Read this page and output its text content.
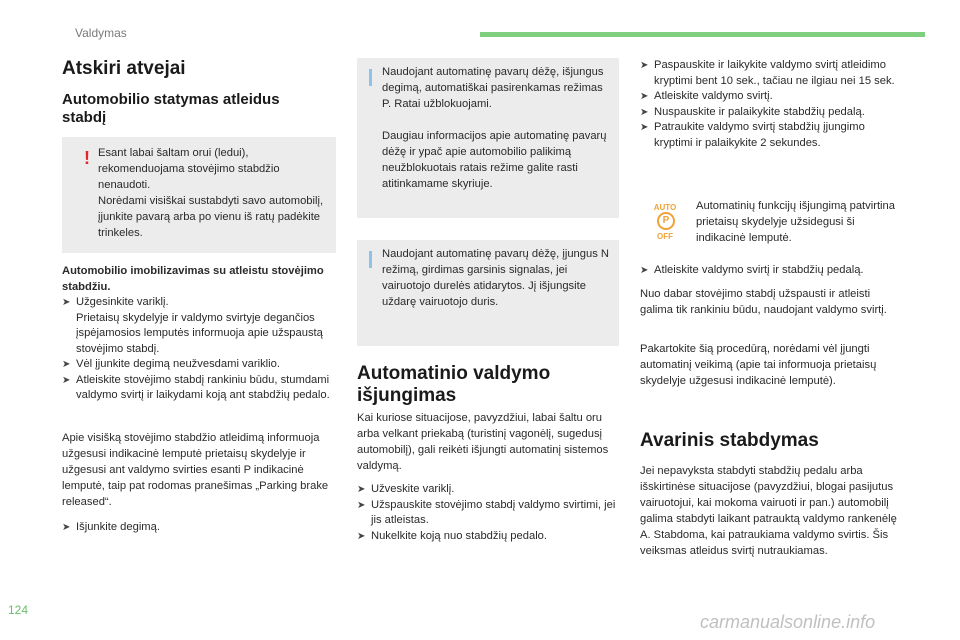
Valdymas
Atskiri atvejai
Automobilio statymas atleidus stabdį
! Esant labai šaltam orui (ledui), rekomenduojama stovėjimo stabdžio nenaudoti.

Norėdami visiškai sustabdyti savo automobilį, įjunkite pavarą arba po vienu iš ratų padėkite trinkeles.

Automobilio imobilizavimas su atleistu stovėjimo stabdžiu.

➤ Užgesinkite variklį.
Prietaisų skydelyje ir valdymo svirtyje degančios įspėjamosios lemputės informuoja apie užspaustą stovėjimo stabdį.
➤ Vėl įjunkite degimą neužvesdami variklio.
➤ Atleiskite stovėjimo stabdį rankiniu būdu, stumdami valdymo svirtį ir laikydami koją ant stabdžių pedalo.

Apie visišką stovėjimo stabdžio atleidimą informuoja užgesusi indikacinė lemputė prietaisų skydelyje ir užgesusi ant valdymo svirties esanti P indikacinė lemputė, taip pat rodomas pranešimas „Parking brake released“.

➤ Išjunkite degimą.

Naudojant automatinę pavarų dėžę, išjungus degimą, automatiškai pasirenkamas režimas P. Ratai užblokuojami.

Daugiau informacijos apie automatinę pavarų dėžę ir ypač apie automobilio palikimą neužblokuotais ratais režime galite rasti atitinkamame skyriuje.

Naudojant automatinę pavarų dėžę, įjungus N režimą, girdimas garsinis signalas, jei vairuotojo durelės atidarytos. Jį išjungsite uždarę vairuotojo duris.

Automatinio valdymo išjungimas

Kai kuriose situacijose, pavyzdžiui, labai šaltu oru arba velkant priekabą (turistinį vagonėlį, sugedusį automobilį), gali reikėti išjungti automatinį sistemos valdymą.

➤ Užveskite variklį.
➤ Užspauskite stovėjimo stabdį valdymo svirtimi, jei jis atleistas.
➤ Nukelkite koją nuo stabdžių pedalo.
➤ Paspauskite ir laikykite valdymo svirtį atleidimo kryptimi bent 10 sek., tačiau ne ilgiau nei 15 sek.
➤ Atleiskite valdymo svirtį.
➤ Nuspauskite ir palaikykite stabdžių pedalą.
➤ Patraukite valdymo svirtį stabdžių įjungimo kryptimi ir palaikykite 2 sekundes.
AUTO
P
OFF

Automatinių funkcijų išjungimą patvirtina prietaisų skydelyje užsidegusi ši indikacinė lemputė.

➤ Atleiskite valdymo svirtį ir stabdžių pedalą.

Nuo dabar stovėjimo stabdį užspausti ir atleisti galima tik rankiniu būdu, naudojant valdymo svirtį.

Pakartokite šią procedūrą, norėdami vėl įjungti automatinį veikimą (apie tai informuoja prietaisų skydelyje užgesusi indikacinė lemputė).

Avarinis stabdymas

Jei nepavyksta stabdyti stabdžių pedalu arba išskirtinėse situacijose (pavyzdžiui, blogai pasijutus vairuotojui, kai mokoma vairuoti ir pan.) automobilį galima stabdyti laikant patrauktą valdymo rankenėlę A. Stabdoma, kai patraukiama valdymo svirtis. Šis veiksmas atleidus svirtį nutraukiamas.

124
carmanualsonline.info
